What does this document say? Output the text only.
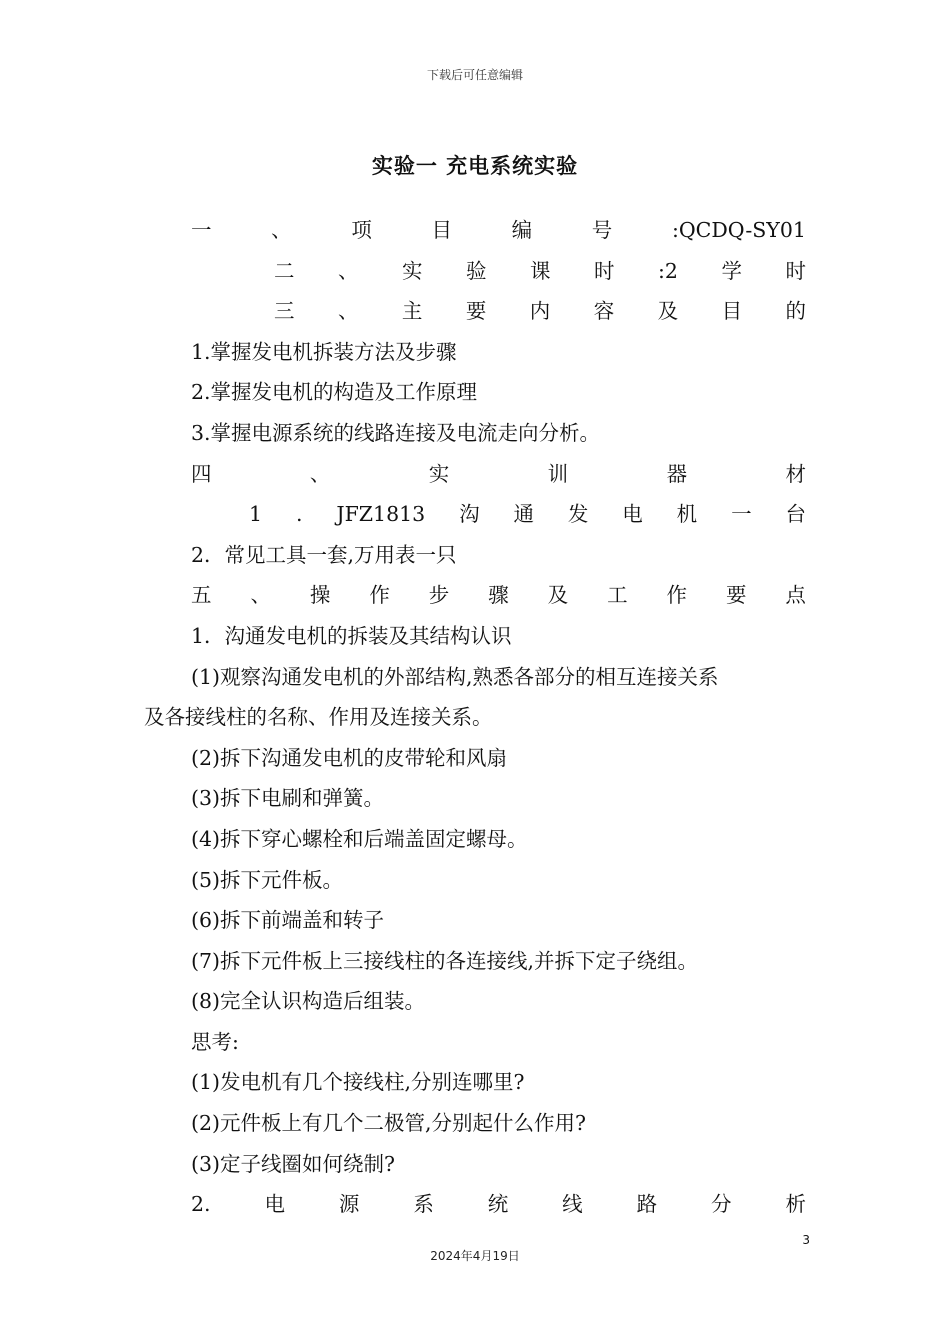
下载后可任意编辑
实验一 充电系统实验
一	、	项	目	编	号	:QCDQ-SY01
二 、 实 验 课 时 :2 学 时
三 、 主 要 内 容 及 目 的
1.掌握发电机拆装方法及步骤
2.掌握发电机的构造及工作原理
3.掌握电源系统的线路连接及电流走向分析。
四	、	实	训	器	材
1 . JFZ1813 沟 通 发 电 机 一 台
2．常见工具一套,万用表一只
五 、 操 作 步 骤 及 工 作 要 点
1．沟通发电机的拆装及其结构认识
(1)观察沟通发电机的外部结构,熟悉各部分的相互连接关系
及各接线柱的名称、作用及连接关系。
(2)拆下沟通发电机的皮带轮和风扇
(3)拆下电刷和弹簧。
(4)拆下穿心螺栓和后端盖固定螺母。
(5)拆下元件板。
(6)拆下前端盖和转子
(7)拆下元件板上三接线柱的各连接线,并拆下定子绕组。
(8)完全认识构造后组装。
思考:
(1)发电机有几个接线柱,分别连哪里?
(2)元件板上有几个二极管,分别起什么作用?
(3)定子线圈如何绕制?
2.	电	源	系	统	线	路	分	析
3
2024年4月19日
